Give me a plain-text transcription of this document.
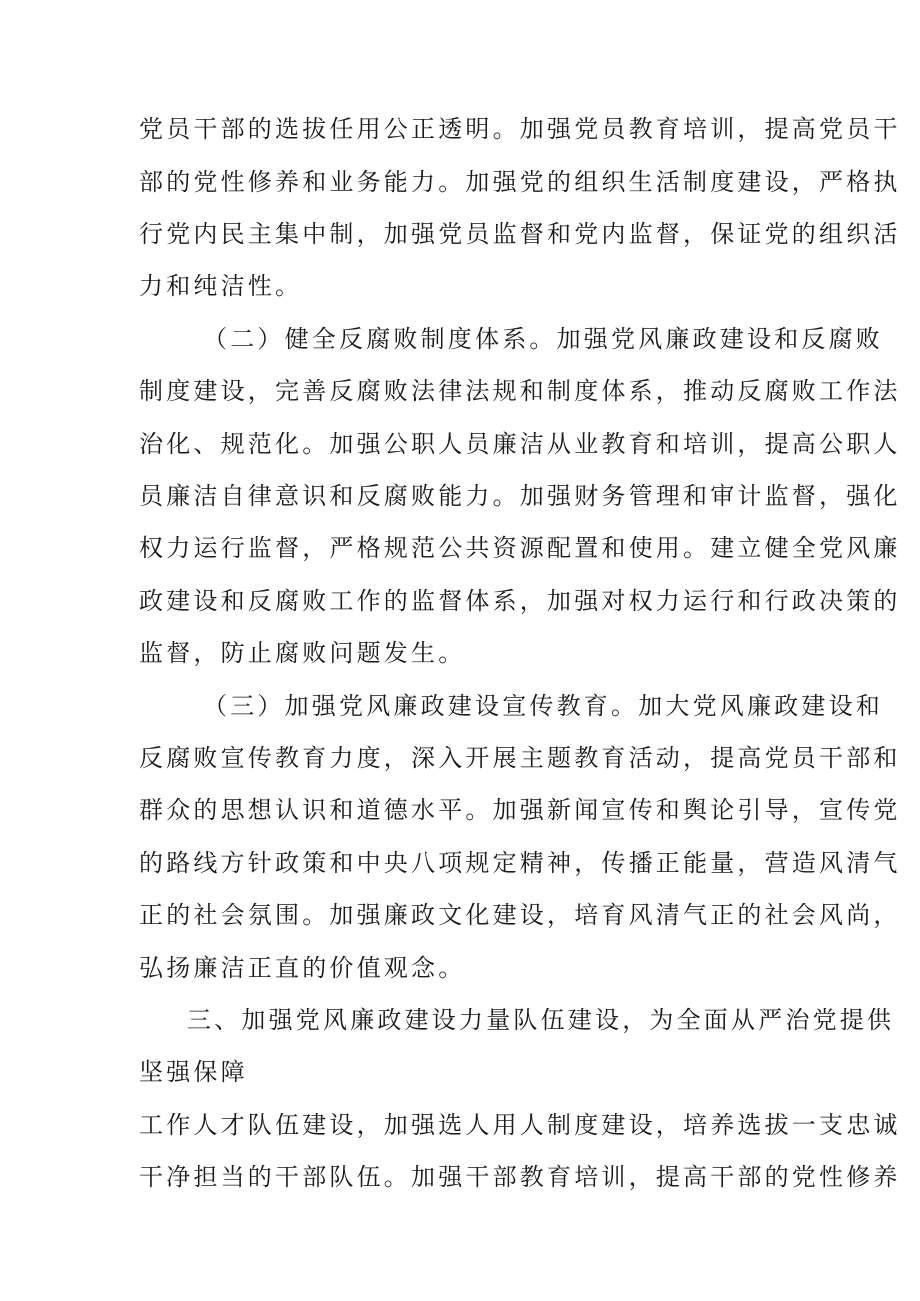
党员干部的选拔任用公正透明。加强党员教育培训，提高党员干
部的党性修养和业务能力。加强党的组织生活制度建设，严格执
行党内民主集中制，加强党员监督和党内监督，保证党的组织活
力和纯洁性。
（二）健全反腐败制度体系。加强党风廉政建设和反腐败
制度建设，完善反腐败法律法规和制度体系，推动反腐败工作法
治化、规范化。加强公职人员廉洁从业教育和培训，提高公职人
员廉洁自律意识和反腐败能力。加强财务管理和审计监督，强化
权力运行监督，严格规范公共资源配置和使用。建立健全党风廉
政建设和反腐败工作的监督体系，加强对权力运行和行政决策的
监督，防止腐败问题发生。
（三）加强党风廉政建设宣传教育。加大党风廉政建设和
反腐败宣传教育力度，深入开展主题教育活动，提高党员干部和
群众的思想认识和道德水平。加强新闻宣传和舆论引导，宣传党
的路线方针政策和中央八项规定精神，传播正能量，营造风清气
正的社会氛围。加强廉政文化建设，培育风清气正的社会风尚，
弘扬廉洁正直的价值观念。
三、加强党风廉政建设力量队伍建设，为全面从严治党提供
坚强保障
工作人才队伍建设，加强选人用人制度建设，培养选拔一支忠诚
干净担当的干部队伍。加强干部教育培训，提高干部的党性修养
